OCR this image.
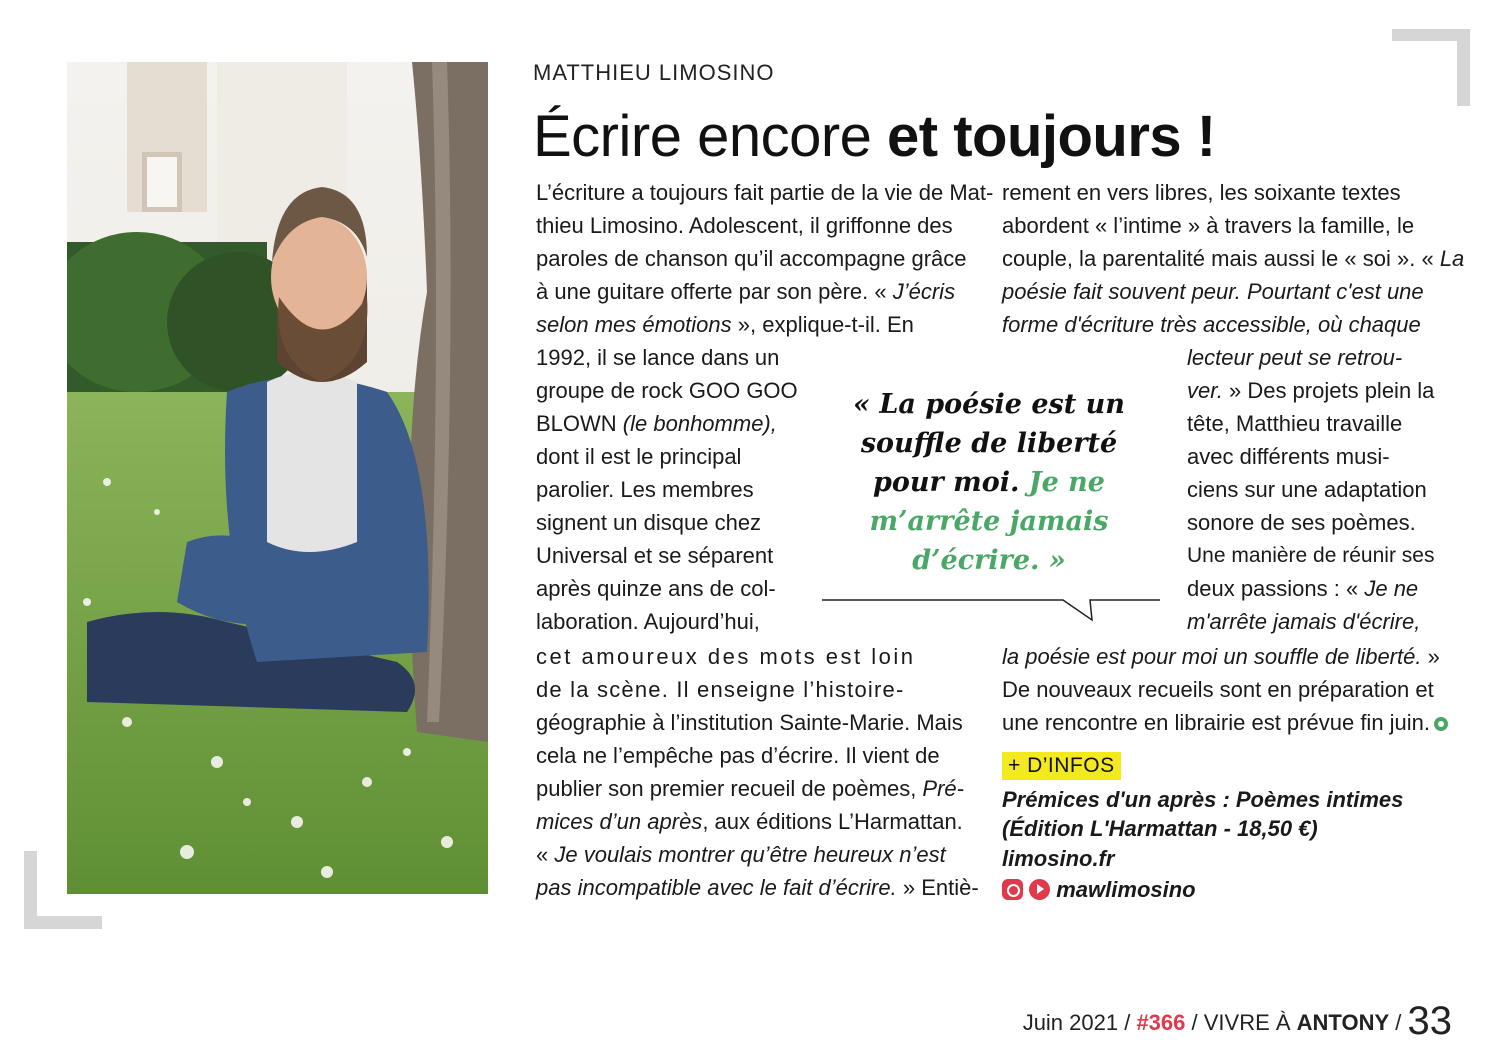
MATTHIEU LIMOSINO
Écrire encore et toujours !
L’écriture a toujours fait partie de la vie de Mat-
thieu Limosino. Adolescent, il griffonne des
paroles de chanson qu’il accompagne grâce
à une guitare offerte par son père. « J’écris
selon mes émotions », explique-t-il. En
1992, il se lance dans un
groupe de rock GOO GOO
BLOWN (le bonhomme),
dont il est le principal
parolier. Les membres
signent un disque chez
Universal et se séparent
après quinze ans de col-
laboration. Aujourd’hui,
cet amoureux des mots est loin
de la scène. Il enseigne l’histoire-
géographie à l’institution Sainte-Marie. Mais
cela ne l’empêche pas d’écrire. Il vient de
publier son premier recueil de poèmes, Pré-
mices d’un après, aux éditions L’Harmattan.
« Je voulais montrer qu’être heureux n’est
pas incompatible avec le fait d’écrire. » Entiè-
rement en vers libres, les soixante textes
abordent « l’intime » à travers la famille, le
couple, la parentalité mais aussi le « soi ». « La
poésie fait souvent peur. Pourtant c'est une
forme d'écriture très accessible, où chaque
lecteur peut se retrou-
ver. » Des projets plein la
tête, Matthieu travaille
avec différents musi-
ciens sur une adaptation
sonore de ses poèmes.
Une manière de réunir ses
deux passions : « Je ne
m'arrête jamais d'écrire,
la poésie est pour moi un souffle de liberté. »
De nouveaux recueils sont en préparation et
une rencontre en librairie est prévue fin juin.
« La poésie est un
souffle de liberté
pour moi. Je ne
m’arrête jamais
d’écrire. »
+ D’INFOS
Prémices d'un après : Poèmes intimes
(Édition L'Harmattan - 18,50 €)
limosino.fr

mawlimosino
Juin 2021 / #366 / VIVRE À ANTONY / 33
